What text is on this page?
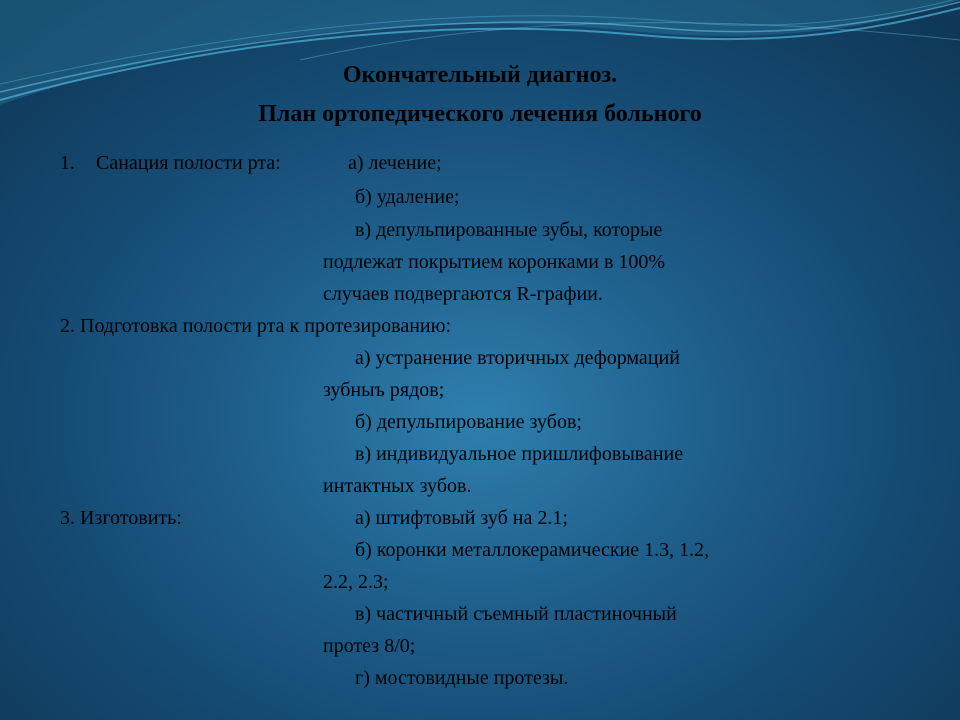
Окончательный диагноз.
План ортопедического лечения больного

1. Санация полости рта:	а) лечение;

б) удаление;

в) депульпированные зубы, которые

подлежат покрытием коронками в 100%

случаев подвергаются R-графии.

2. Подготовка полости рта к протезированию:

а) устранение вторичных деформаций

зубныъ рядов;

б) депульпирование зубов;

в) индивидуальное пришлифовывание

интактных зубов.

3. Изготовить:	а) штифтовый зуб на 2.1;

б) коронки металлокерамические 1.3, 1.2,

2.2, 2.3;

в) частичный съемный пластиночный

протез 8/0;

г) мостовидные протезы.
